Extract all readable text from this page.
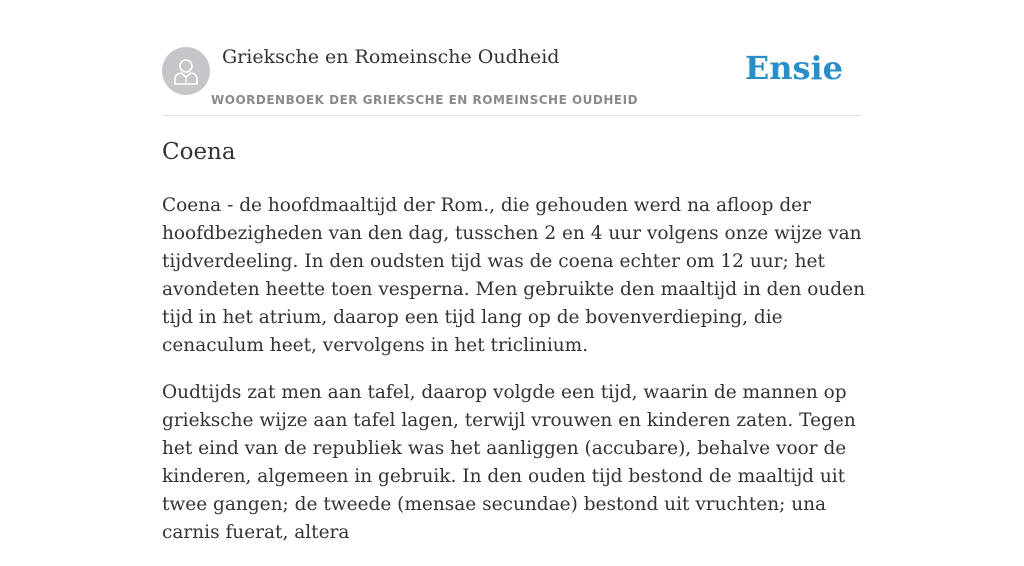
Grieksche en Romeinsche Oudheid
WOORDENBOEK DER GRIEKSCHE EN ROMEINSCHE OUDHEID
Ensie
Coena

Coena - de hoofdmaaltijd der Rom., die gehouden werd na afloop der hoofdbezigheden van den dag, tusschen 2 en 4 uur volgens onze wijze van tijdverdeeling. In den oudsten tijd was de coena echter om 12 uur; het avondeten heette toen vesperna. Men gebruikte den maaltijd in den ouden tijd in het atrium, daarop een tijd lang op de bovenverdieping, die cenaculum heet, vervolgens in het triclinium.

Oudtijds zat men aan tafel, daarop volgde een tijd, waarin de mannen op grieksche wijze aan tafel lagen, terwijl vrouwen en kinderen zaten. Tegen het eind van de republiek was het aanliggen (accubare), behalve voor de kinderen, algemeen in gebruik. In den ouden tijd bestond de maaltijd uit twee gangen; de tweede (mensae secundae) bestond uit vruchten; una carnis fuerat, altera
